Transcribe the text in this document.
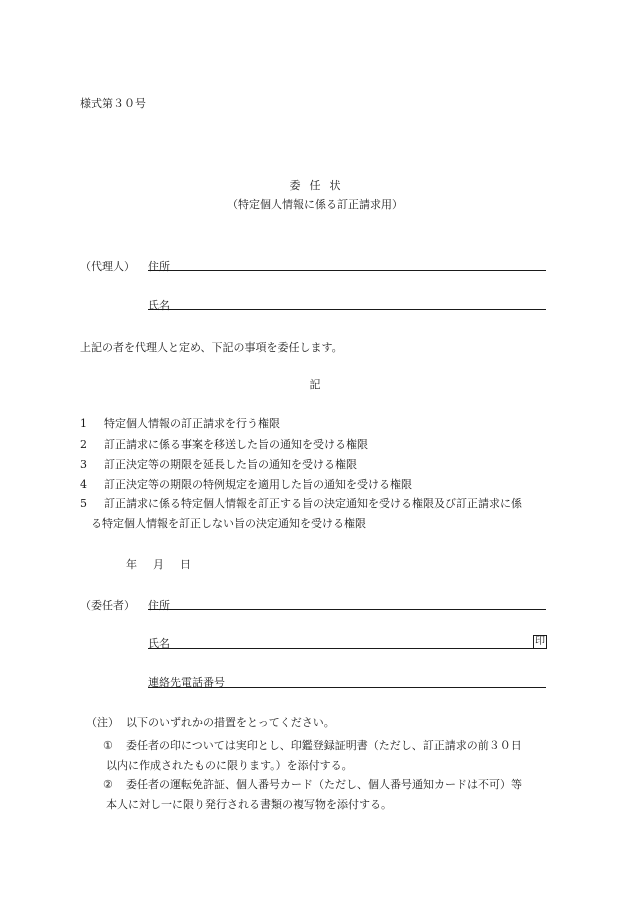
様式第３０号
委任状
（特定個人情報に係る訂正請求用）
（代理人） 住所
氏名
上記の者を代理人と定め、下記の事項を委任します。
記
1 特定個人情報の訂正請求を行う権限
2 訂正請求に係る事案を移送した旨の通知を受ける権限
3 訂正決定等の期限を延長した旨の通知を受ける権限
4 訂正決定等の期限の特例規定を適用した旨の通知を受ける権限
5 訂正請求に係る特定個人情報を訂正する旨の決定通知を受ける権限及び訂正請求に係
る特定個人情報を訂正しない旨の決定通知を受ける権限
年 月 日
（委任者） 住所
氏名	印
連絡先電話番号
（注） 以下のいずれかの措置をとってください。
① 委任者の印については実印とし、印鑑登録証明書（ただし、訂正請求の前３０日
以内に作成されたものに限ります。）を添付する。
② 委任者の運転免許証、個人番号カード（ただし、個人番号通知カードは不可）等
本人に対し一に限り発行される書類の複写物を添付する。
